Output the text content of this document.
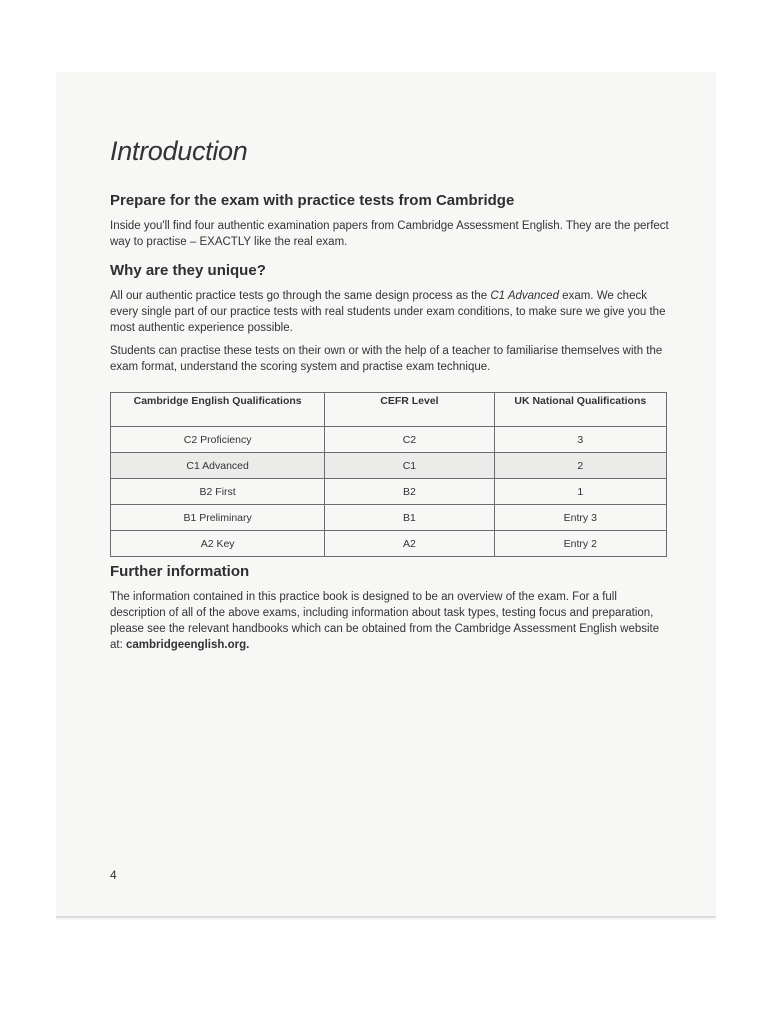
Introduction
Prepare for the exam with practice tests from Cambridge

Inside you'll find four authentic examination papers from Cambridge Assessment English. They are the perfect way to practise – EXACTLY like the real exam.

Why are they unique?

All our authentic practice tests go through the same design process as the C1 Advanced exam. We check every single part of our practice tests with real students under exam conditions, to make sure we give you the most authentic experience possible.

Students can practise these tests on their own or with the help of a teacher to familiarise themselves with the exam format, understand the scoring system and practise exam technique.

Cambridge English Qualifications	CEFR Level	UK National Qualifications
C2 Proficiency	C2	3
C1 Advanced	C1	2
B2 First	B2	1
B1 Preliminary	B1	Entry 3
A2 Key	A2	Entry 2
Further information

The information contained in this practice book is designed to be an overview of the exam. For a full description of all of the above exams, including information about task types, testing focus and preparation, please see the relevant handbooks which can be obtained from the Cambridge Assessment English website at: cambridgeenglish.org.

4
